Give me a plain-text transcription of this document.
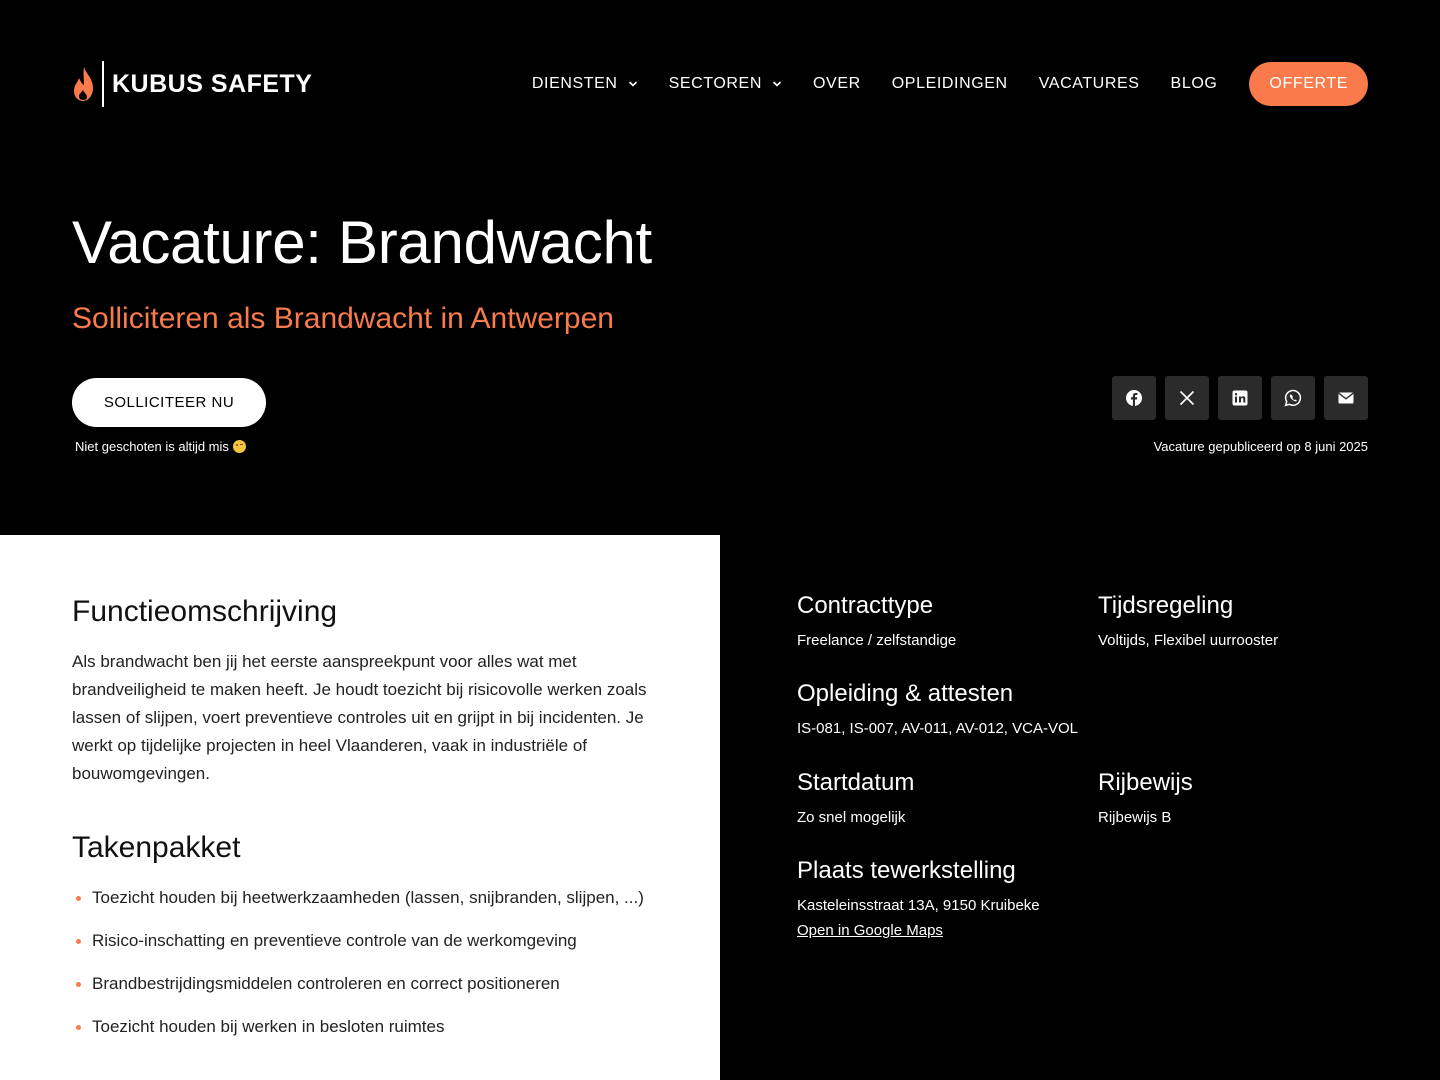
KUBUS SAFETY	DIENSTEN	SECTOREN	OVER OPLEIDINGEN VACATURES BLOG	OFFERTE
Vacature: Brandwacht
Solliciteren als Brandwacht in Antwerpen
SOLLICITEER NU
Niet geschoten is altijd mis	Vacature gepubliceerd op 8 juni 2025
Functieomschrijving

Als brandwacht ben jij het eerste aanspreekpunt voor alles wat met brandveiligheid te maken heeft. Je houdt toezicht bij risicovolle werken zoals lassen of slijpen, voert preventieve controles uit en grijpt in bij incidenten. Je werkt op tijdelijke projecten in heel Vlaanderen, vaak in industriële of bouwomgevingen.

Takenpakket
Toezicht houden bij heetwerkzaamheden (lassen, snijbranden, slijpen, ...)
Risico-inschatting en preventieve controle van de werkomgeving
Brandbestrijdingsmiddelen controleren en correct positioneren
Toezicht houden bij werken in besloten ruimtes
Contracttype
Freelance / zelfstandige
Tijdsregeling
Voltijds, Flexibel uurrooster
Opleiding & attesten
IS-081, IS-007, AV-011, AV-012, VCA-VOL
Startdatum
Zo snel mogelijk
Rijbewijs
Rijbewijs B
Plaats tewerkstelling
Kasteleinsstraat 13A, 9150 Kruibeke
Open in Google Maps
